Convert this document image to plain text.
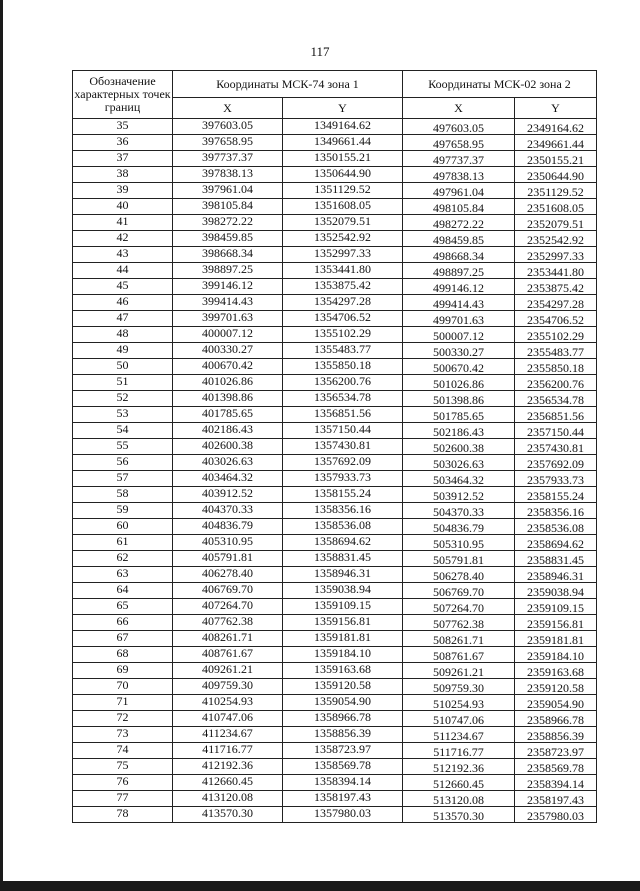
117
Обозначение характерных точек границ	Координаты МСК-74 зона 1		Координаты МСК-02 зона 2	
	X	Y	X	Y
35	397603.05	1349164.62	497603.05	2349164.62
36	397658.95	1349661.44	497658.95	2349661.44
37	397737.37	1350155.21	497737.37	2350155.21
38	397838.13	1350644.90	497838.13	2350644.90
39	397961.04	1351129.52	497961.04	2351129.52
40	398105.84	1351608.05	498105.84	2351608.05
41	398272.22	1352079.51	498272.22	2352079.51
42	398459.85	1352542.92	498459.85	2352542.92
43	398668.34	1352997.33	498668.34	2352997.33
44	398897.25	1353441.80	498897.25	2353441.80
45	399146.12	1353875.42	499146.12	2353875.42
46	399414.43	1354297.28	499414.43	2354297.28
47	399701.63	1354706.52	499701.63	2354706.52
48	400007.12	1355102.29	500007.12	2355102.29
49	400330.27	1355483.77	500330.27	2355483.77
50	400670.42	1355850.18	500670.42	2355850.18
51	401026.86	1356200.76	501026.86	2356200.76
52	401398.86	1356534.78	501398.86	2356534.78
53	401785.65	1356851.56	501785.65	2356851.56
54	402186.43	1357150.44	502186.43	2357150.44
55	402600.38	1357430.81	502600.38	2357430.81
56	403026.63	1357692.09	503026.63	2357692.09
57	403464.32	1357933.73	503464.32	2357933.73
58	403912.52	1358155.24	503912.52	2358155.24
59	404370.33	1358356.16	504370.33	2358356.16
60	404836.79	1358536.08	504836.79	2358536.08
61	405310.95	1358694.62	505310.95	2358694.62
62	405791.81	1358831.45	505791.81	2358831.45
63	406278.40	1358946.31	506278.40	2358946.31
64	406769.70	1359038.94	506769.70	2359038.94
65	407264.70	1359109.15	507264.70	2359109.15
66	407762.38	1359156.81	507762.38	2359156.81
67	408261.71	1359181.81	508261.71	2359181.81
68	408761.67	1359184.10	508761.67	2359184.10
69	409261.21	1359163.68	509261.21	2359163.68
70	409759.30	1359120.58	509759.30	2359120.58
71	410254.93	1359054.90	510254.93	2359054.90
72	410747.06	1358966.78	510747.06	2358966.78
73	411234.67	1358856.39	511234.67	2358856.39
74	411716.77	1358723.97	511716.77	2358723.97
75	412192.36	1358569.78	512192.36	2358569.78
76	412660.45	1358394.14	512660.45	2358394.14
77	413120.08	1358197.43	513120.08	2358197.43
78	413570.30	1357980.03	513570.30	2357980.03
